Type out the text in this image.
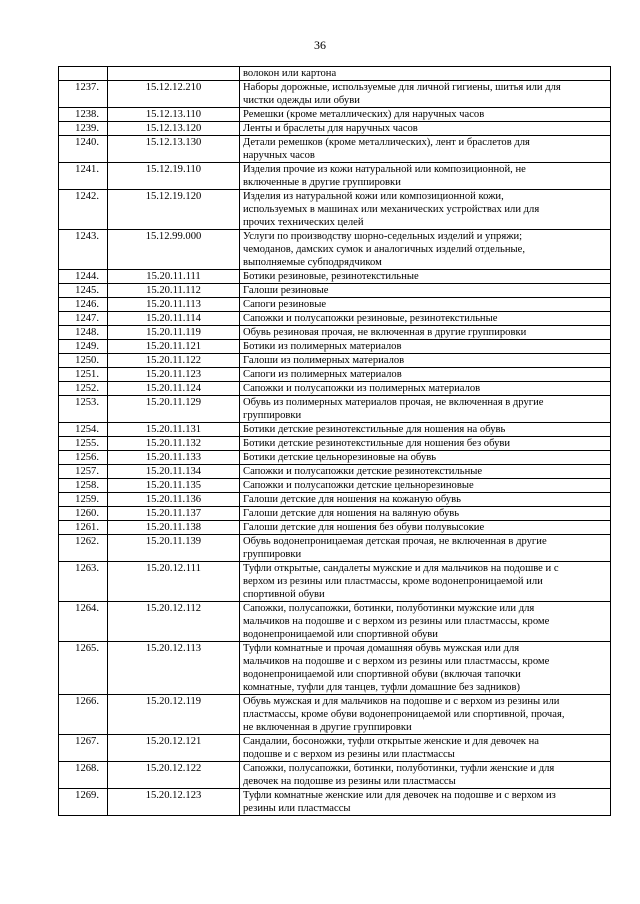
36

		волокон или картона

1237.	15.12.12.210	Наборы дорожные, используемые для личной гигиены, шитья или для
чистки одежды или обуви

1238.	15.12.13.110	Ремешки (кроме металлических) для наручных часов

1239.	15.12.13.120	Ленты и браслеты для наручных часов

1240.	15.12.13.130	Детали ремешков (кроме металлических), лент и браслетов для
наручных часов

1241.	15.12.19.110	Изделия прочие из кожи натуральной или композиционной, не
включенные в другие группировки

1242.	15.12.19.120	Изделия из натуральной кожи или композиционной кожи,
используемых в машинах или механических устройствах или для
прочих технических целей

1243.	15.12.99.000	Услуги по производству шорно-седельных изделий и упряжи;
чемоданов, дамских сумок и аналогичных изделий отдельные,
выполняемые субподрядчиком

1244.	15.20.11.111	Ботики резиновые, резинотекстильные

1245.	15.20.11.112	Галоши резиновые

1246.	15.20.11.113	Сапоги резиновые

1247.	15.20.11.114	Сапожки и полусапожки резиновые, резинотекстильные

1248.	15.20.11.119	Обувь резиновая прочая, не включенная в другие группировки

1249.	15.20.11.121	Ботики из полимерных материалов

1250.	15.20.11.122	Галоши из полимерных материалов

1251.	15.20.11.123	Сапоги из полимерных материалов

1252.	15.20.11.124	Сапожки и полусапожки из полимерных материалов

1253.	15.20.11.129	Обувь из полимерных материалов прочая, не включенная в другие
группировки

1254.	15.20.11.131	Ботики детские резинотекстильные для ношения на обувь

1255.	15.20.11.132	Ботики детские резинотекстильные для ношения без обуви

1256.	15.20.11.133	Ботики детские цельнорезиновые на обувь

1257.	15.20.11.134	Сапожки и полусапожки детские резинотекстильные

1258.	15.20.11.135	Сапожки и полусапожки детские цельнорезиновые

1259.	15.20.11.136	Галоши детские для ношения на кожаную обувь

1260.	15.20.11.137	Галоши детские для ношения на валяную обувь

1261.	15.20.11.138	Галоши детские для ношения без обуви полувысокие

1262.	15.20.11.139	Обувь водонепроницаемая детская прочая, не включенная в другие
группировки

1263.	15.20.12.111	Туфли открытые, сандалеты мужские и для мальчиков на подошве и с
верхом из резины или пластмассы, кроме водонепроницаемой или
спортивной обуви

1264.	15.20.12.112	Сапожки, полусапожки, ботинки, полуботинки мужские или для
мальчиков на подошве и с верхом из резины или пластмассы, кроме
водонепроницаемой или спортивной обуви

1265.	15.20.12.113	Туфли комнатные и прочая домашняя обувь мужская или для
мальчиков на подошве и с верхом из резины или пластмассы, кроме
водонепроницаемой или спортивной обуви (включая тапочки
комнатные, туфли для танцев, туфли домашние без задников)

1266.	15.20.12.119	Обувь мужская и для мальчиков на подошве и с верхом из резины или
пластмассы, кроме обуви водонепроницаемой или спортивной, прочая,
не включенная в другие группировки

1267.	15.20.12.121	Сандалии, босоножки, туфли открытые женские и для девочек на
подошве и с верхом из резины или пластмассы

1268.	15.20.12.122	Сапожки, полусапожки, ботинки, полуботинки, туфли женские и для
девочек на подошве из резины или пластмассы

1269.	15.20.12.123	Туфли комнатные женские или для девочек на подошве и с верхом из
резины или пластмассы
